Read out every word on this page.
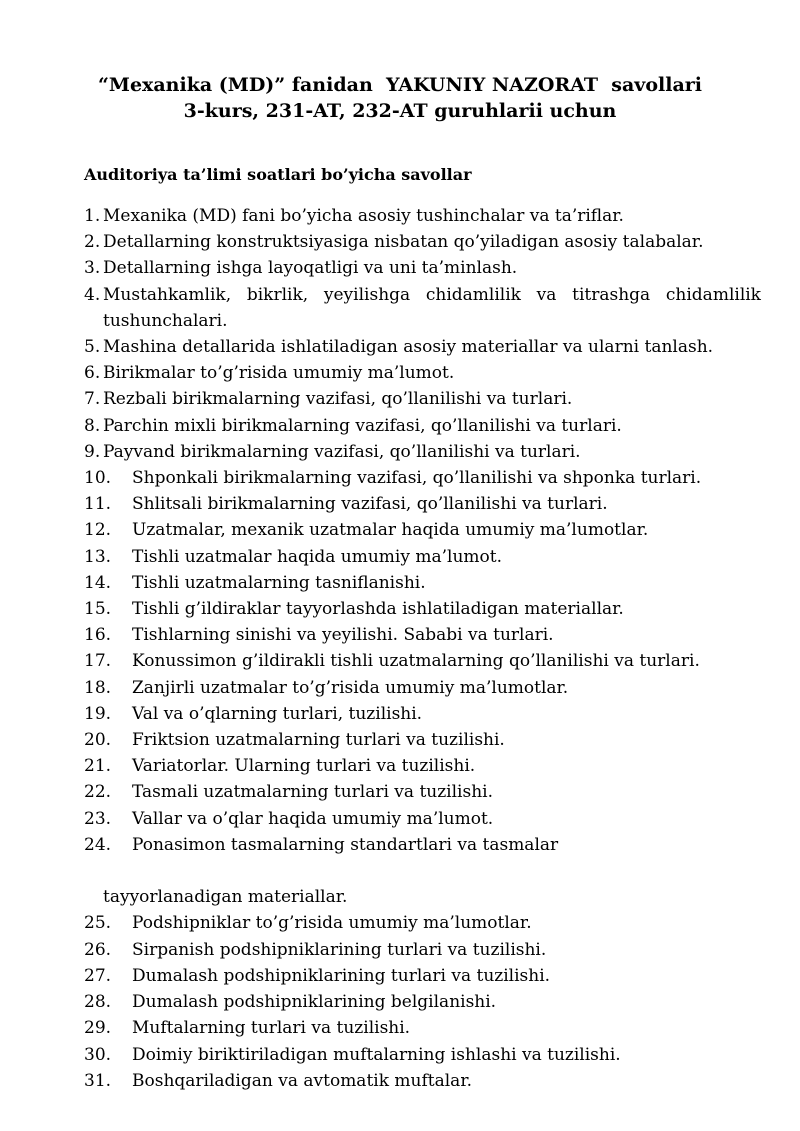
“Mexanika (MD)” fanidan  YAKUNIY NAZORAT  savollari
3-kurs, 231-AT, 232-AT guruhlarii uchun
Auditoriya ta’limi soatlari bo’yicha savollar
1. Mexanika (MD) fani bo’yicha asosiy tushinchalar va ta’riflar.
2. Detallarning konstruktsiyasiga nisbatan qo’yiladigan asosiy talabalar.
3. Detallarning ishga layoqatligi va uni ta’minlash.
4. Mustahkamlik, bikrlik, yeyilishga chidamlilik va titrashga chidamlilik tushunchalari.
5. Mashina detallarida ishlatiladigan asosiy materiallar va ularni tanlash.
6. Birikmalar to’g’risida umumiy ma’lumot.
7. Rezbali birikmalarning vazifasi, qo’llanilishi va turlari.
8. Parchin mixli birikmalarning vazifasi, qo’llanilishi va turlari.
9. Payvand birikmalarning vazifasi, qo’llanilishi va turlari.
10.	Shponkali birikmalarning vazifasi, qo’llanilishi va shponka turlari.
11.	Shlitsali birikmalarning vazifasi, qo’llanilishi va turlari.
12.	Uzatmalar, mexanik uzatmalar haqida umumiy ma’lumotlar.
13.	Tishli uzatmalar haqida umumiy ma’lumot.
14.	Tishli uzatmalarning tasniflanishi.
15.	Tishli g’ildiraklar tayyorlashda ishlatiladigan materiallar.
16.	Tishlarning sinishi va yeyilishi. Sababi va turlari.
17.	Konussimon g’ildirakli tishli uzatmalarning qo’llanilishi va turlari.
18.	Zanjirli uzatmalar to’g’risida umumiy ma’lumotlar.
19.	Val va o’qlarning turlari, tuzilishi.
20.	Friktsion uzatmalarning turlari va tuzilishi.
21.	Variatorlar. Ularning turlari va tuzilishi.
22.	Tasmali uzatmalarning turlari va tuzilishi.
23.	Vallar va o’qlar haqida umumiy ma’lumot.
24.	Ponasimon tasmalarning standartlari va tasmalar

tayyorlanadigan materiallar.
25.	Podshipniklar to’g’risida umumiy ma’lumotlar.
26.	Sirpanish podshipniklarining turlari va tuzilishi.
27.	Dumalash podshipniklarining turlari va tuzilishi.
28.	Dumalash podshipniklarining belgilanishi.
29.	Muftalarning turlari va tuzilishi.
30.	Doimiy biriktiriladigan muftalarning ishlashi va tuzilishi.
31.	Boshqariladigan va avtomatik muftalar.
